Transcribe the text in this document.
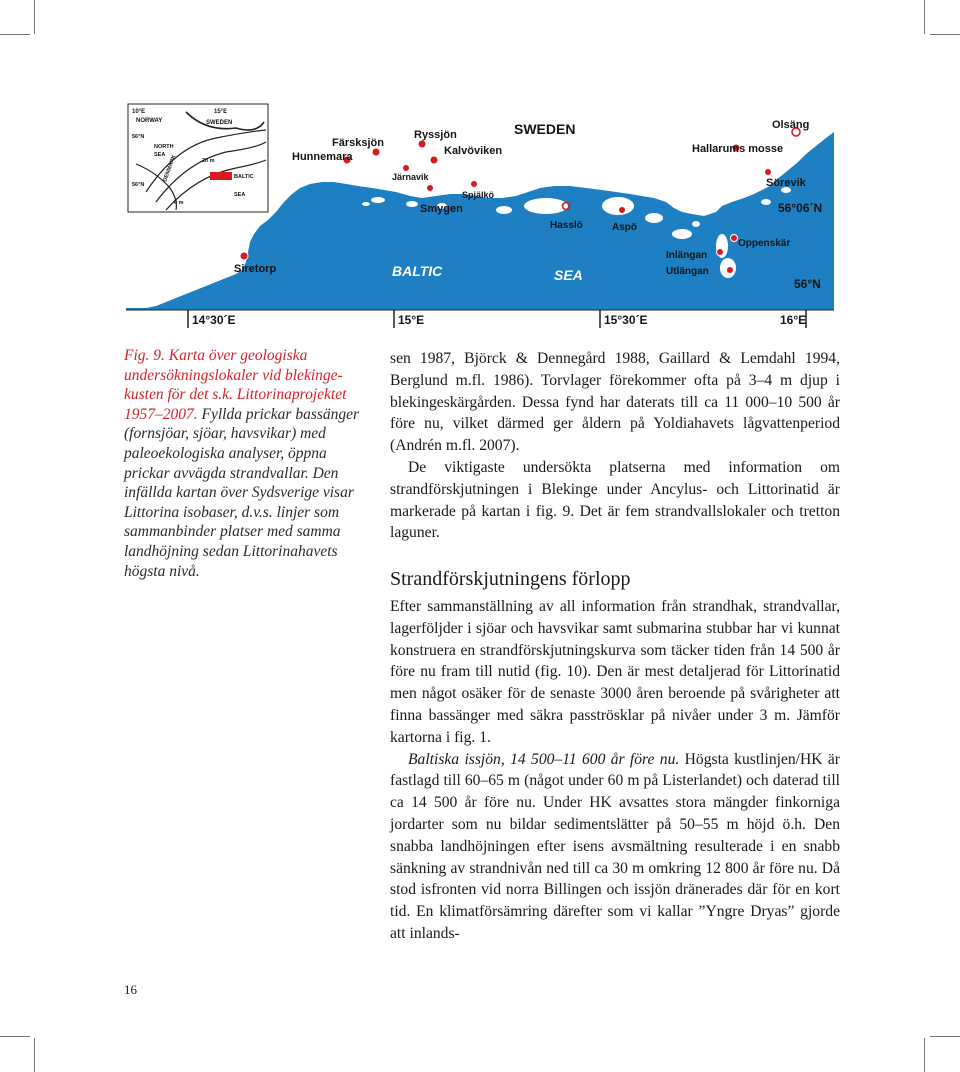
10°E	15°E
NORWAY	SWEDEN
NORTH
SEA
DENMARK	BALTIC
SEA
56°N
56°N
20 m
0 m
SWEDEN
BALTIC	SEA
Hunnemara
Färsksjön
Ryssjön
Kalvöviken
Järnavik
Spjälkö
Smygen
Siretorp
Hallarums mosse
Olsäng
Sörevik
Hasslö	Aspö
Oppenskär
Inlängan
Utlängan
56°06´N
56°N
14°30´E	15°E	15°30´E	16°E
Fig. 9. Karta över geologiska undersökningslokaler vid blekinge-kusten för det s.k. Littorinaprojektet 1957–2007. Fyllda prickar bassänger (fornsjöar, sjöar, havsvikar) med paleoekologiska analyser, öppna prickar avvägda strandvallar. Den infällda kartan över Sydsverige visar Littorina isobaser, d.v.s. linjer som sammanbinder platser med samma landhöjning sedan Littorinahavets högsta nivå.

sen 1987, Björck & Dennegård 1988, Gaillard & Lemdahl 1994, Berglund m.fl. 1986). Torvlager förekommer ofta på 3–4 m djup i blekingeskärgården. Dessa fynd har daterats till ca 11 000–10 500 år före nu, vilket därmed ger åldern på Yoldiahavets lågvattenperiod (Andrén m.fl. 2007).

De viktigaste undersökta platserna med information om strandförskjutningen i Blekinge under Ancylus- och Littorinatid är markerade på kartan i fig. 9. Det är fem strandvallslokaler och tretton laguner.

Strandförskjutningens förlopp

Efter sammanställning av all information från strandhak, strandvallar, lagerföljder i sjöar och havsvikar samt submarina stubbar har vi kunnat konstruera en strandförskjutningskurva som täcker tiden från 14 500 år före nu fram till nutid (fig. 10). Den är mest detaljerad för Littorinatid men något osäker för de senaste 3000 åren beroende på svårigheter att finna bassänger med säkra pasströsklar på nivåer under 3 m. Jämför kartorna i fig. 1.

Baltiska issjön, 14 500–11 600 år före nu. Högsta kustlinjen/HK är fastlagd till 60–65 m (något under 60 m på Listerlandet) och daterad till ca 14 500 år före nu. Under HK avsattes stora mängder finkorniga jordarter som nu bildar sedimentslätter på 50–55 m höjd ö.h. Den snabba landhöjningen efter isens avsmältning resulterade i en snabb sänkning av strandnivån ned till ca 30 m omkring 12 800 år före nu. Då stod isfronten vid norra Billingen och issjön dränerades där för en kort tid. En klimatförsämring därefter som vi kallar ”Yngre Dryas” gjorde att inlands-

16
